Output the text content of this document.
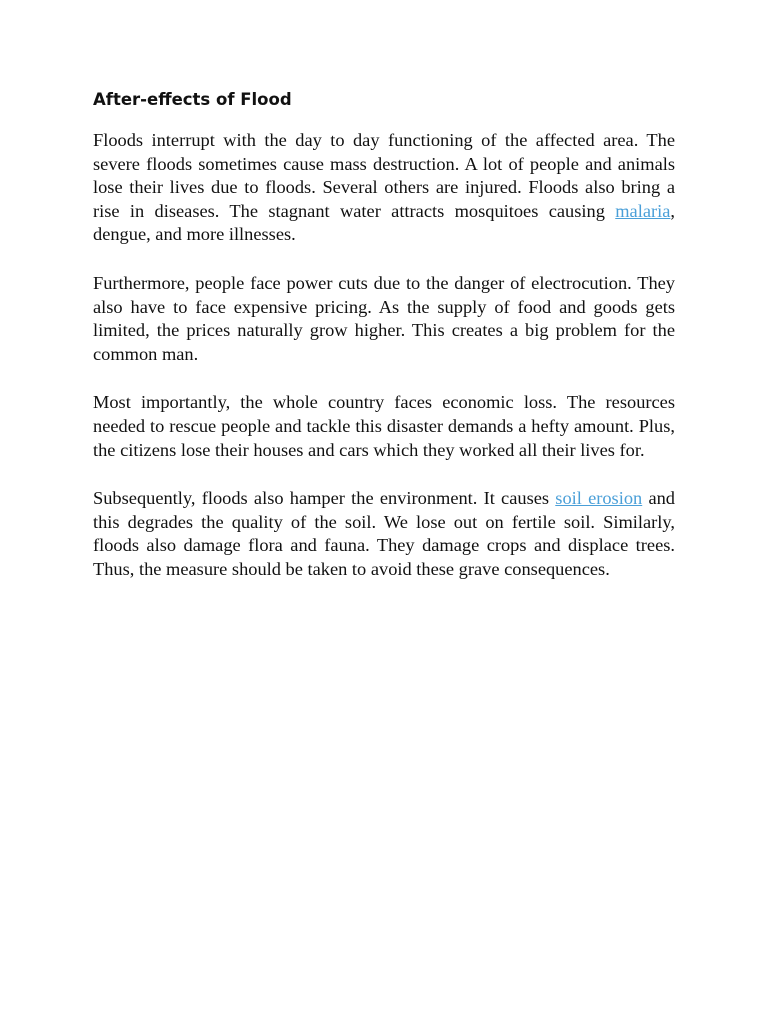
After-effects of Flood

Floods interrupt with the day to day functioning of the affected area. The severe floods sometimes cause mass destruction. A lot of people and animals lose their lives due to floods. Several others are injured. Floods also bring a rise in diseases. The stagnant water attracts mosquitoes causing malaria, dengue, and more illnesses.

Furthermore, people face power cuts due to the danger of electrocution. They also have to face expensive pricing. As the supply of food and goods gets limited, the prices naturally grow higher. This creates a big problem for the common man.

Most importantly, the whole country faces economic loss. The resources needed to rescue people and tackle this disaster demands a hefty amount. Plus, the citizens lose their houses and cars which they worked all their lives for.

Subsequently, floods also hamper the environment. It causes soil erosion and this degrades the quality of the soil. We lose out on fertile soil. Similarly, floods also damage flora and fauna. They damage crops and displace trees. Thus, the measure should be taken to avoid these grave consequences.
